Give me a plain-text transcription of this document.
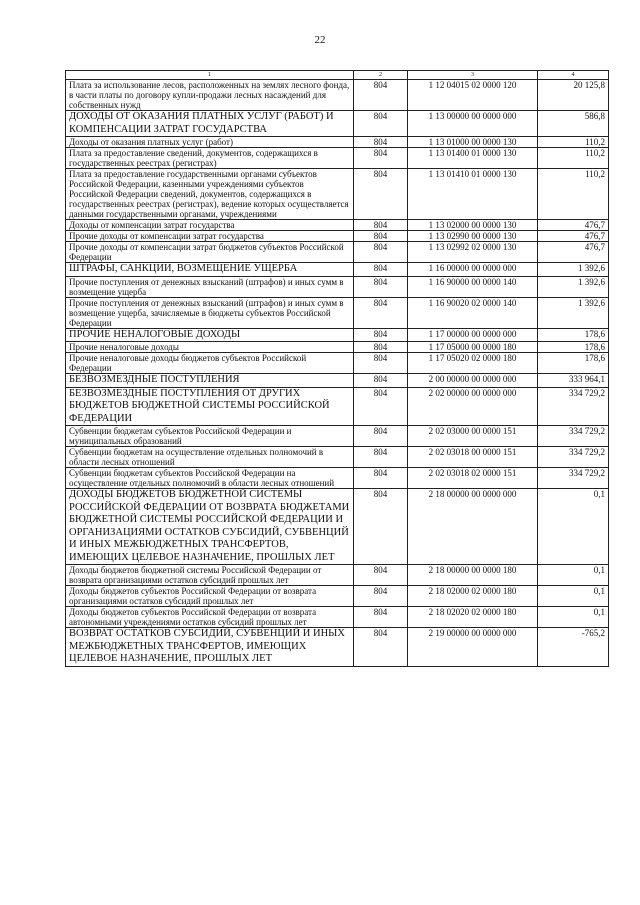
22
1	2	3	4
Плата за использование лесов, расположенных на землях лесного фонда, в части платы по договору купли-продажи лесных насаждений для собственных нужд	804	1 12 04015 02 0000 120	20 125,8
ДОХОДЫ ОТ ОКАЗАНИЯ ПЛАТНЫХ УСЛУГ (РАБОТ) И КОМПЕНСАЦИИ ЗАТРАТ ГОСУДАРСТВА	804	1 13 00000 00 0000 000	586,8
Доходы от оказания платных услуг (работ)	804	1 13 01000 00 0000 130	110,2
Плата за предоставление сведений, документов, содержащихся в государственных реестрах (регистрах)	804	1 13 01400 01 0000 130	110,2
Плата за предоставление государственными органами субъектов Российской Федерации, казенными учреждениями субъектов Российской Федерации сведений, документов, содержащихся в государственных реестрах (регистрах), ведение которых осуществляется данными государственными органами, учреждениями	804	1 13 01410 01 0000 130	110,2
Доходы от компенсации затрат государства	804	1 13 02000 00 0000 130	476,7
Прочие доходы от компенсации затрат государства	804	1 13 02990 00 0000 130	476,7
Прочие доходы от компенсации затрат бюджетов субъектов Российской Федерации	804	1 13 02992 02 0000 130	476,7
ШТРАФЫ, САНКЦИИ, ВОЗМЕЩЕНИЕ УЩЕРБА	804	1 16 00000 00 0000 000	1 392,6
Прочие поступления от денежных взысканий (штрафов) и иных сумм в возмещение ущерба	804	1 16 90000 00 0000 140	1 392,6
Прочие поступления от денежных взысканий (штрафов) и иных сумм в возмещение ущерба, зачисляемые в бюджеты субъектов Российской Федерации	804	1 16 90020 02 0000 140	1 392,6
ПРОЧИЕ НЕНАЛОГОВЫЕ ДОХОДЫ	804	1 17 00000 00 0000 000	178,6
Прочие неналоговые доходы	804	1 17 05000 00 0000 180	178,6
Прочие неналоговые доходы бюджетов субъектов Российской Федерации	804	1 17 05020 02 0000 180	178,6
БЕЗВОЗМЕЗДНЫЕ ПОСТУПЛЕНИЯ	804	2 00 00000 00 0000 000	333 964,1
БЕЗВОЗМЕЗДНЫЕ ПОСТУПЛЕНИЯ ОТ ДРУГИХ БЮДЖЕТОВ БЮДЖЕТНОЙ СИСТЕМЫ РОССИЙСКОЙ ФЕДЕРАЦИИ	804	2 02 00000 00 0000 000	334 729,2
Субвенции бюджетам субъектов Российской Федерации и муниципальных образований	804	2 02 03000 00 0000 151	334 729,2
Субвенции бюджетам на осуществление отдельных полномочий в области лесных отношений	804	2 02 03018 00 0000 151	334 729,2
Субвенции бюджетам субъектов Российской Федерации на осуществление отдельных полномочий в области лесных отношений	804	2 02 03018 02 0000 151	334 729,2
ДОХОДЫ БЮДЖЕТОВ БЮДЖЕТНОЙ СИСТЕМЫ РОССИЙСКОЙ ФЕДЕРАЦИИ ОТ ВОЗВРАТА БЮДЖЕТАМИ БЮДЖЕТНОЙ СИСТЕМЫ РОССИЙСКОЙ ФЕДЕРАЦИИ И ОРГАНИЗАЦИЯМИ ОСТАТКОВ СУБСИДИЙ, СУБВЕНЦИЙ И ИНЫХ МЕЖБЮДЖЕТНЫХ ТРАНСФЕРТОВ, ИМЕЮЩИХ ЦЕЛЕВОЕ НАЗНАЧЕНИЕ, ПРОШЛЫХ ЛЕТ	804	2 18 00000 00 0000 000	0,1
Доходы бюджетов бюджетной системы Российской Федерации от возврата организациями остатков субсидий прошлых лет	804	2 18 00000 00 0000 180	0,1
Доходы бюджетов субъектов Российской Федерации от возврата организациями остатков субсидий прошлых лет	804	2 18 02000 02 0000 180	0,1
Доходы бюджетов субъектов Российской Федерации от возврата автономными учреждениями остатков субсидий прошлых лет	804	2 18 02020 02 0000 180	0,1
ВОЗВРАТ ОСТАТКОВ СУБСИДИЙ, СУБВЕНЦИЙ И ИНЫХ МЕЖБЮДЖЕТНЫХ ТРАНСФЕРТОВ, ИМЕЮЩИХ ЦЕЛЕВОЕ НАЗНАЧЕНИЕ, ПРОШЛЫХ ЛЕТ	804	2 19 00000 00 0000 000	-765,2
